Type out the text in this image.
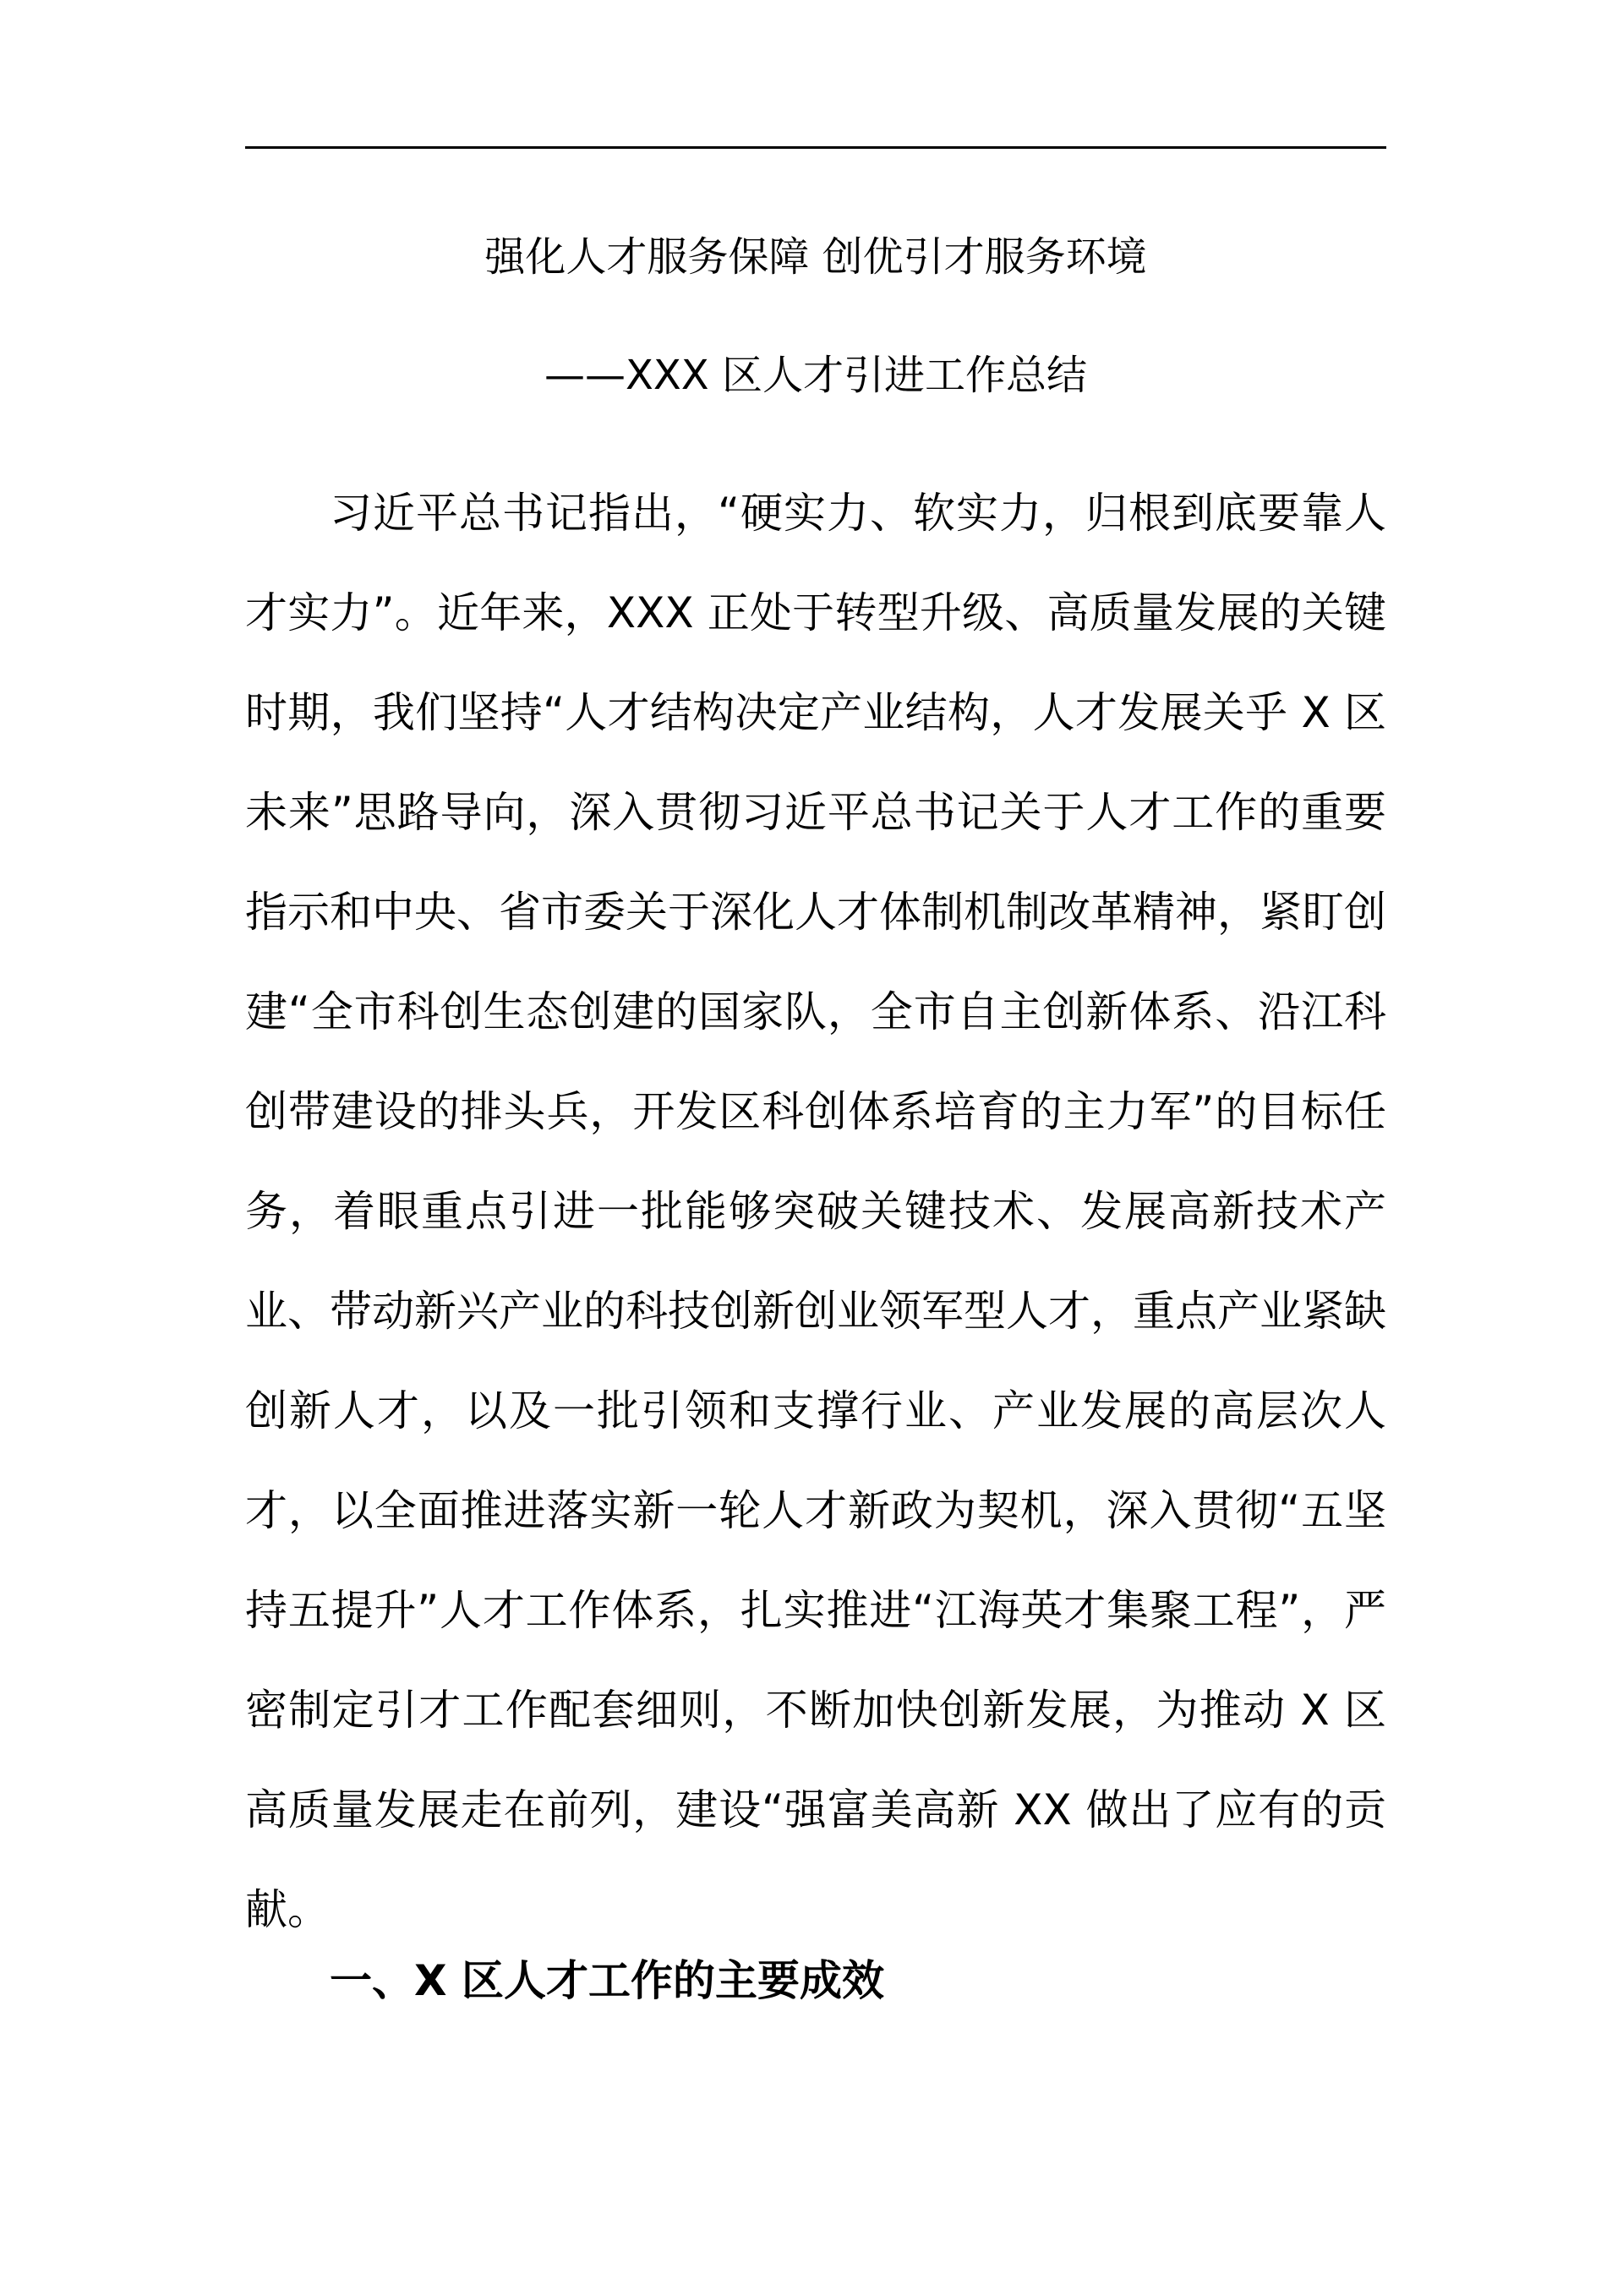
强化人才服务保障 创优引才服务环境
——XXX 区人才引进工作总结

习近平总书记指出，“硬实力、软实力，归根到底要靠人才实力”。近年来，XXX 正处于转型升级、高质量发展的关键时期，我们坚持“人才结构决定产业结构，人才发展关乎 X 区未来”思路导向，深入贯彻习近平总书记关于人才工作的重要指示和中央、省市委关于深化人才体制机制改革精神，紧盯创建“全市科创生态创建的国家队，全市自主创新体系、沿江科创带建设的排头兵，开发区科创体系培育的主力军”的目标任务，着眼重点引进一批能够突破关键技术、发展高新技术产业、带动新兴产业的科技创新创业领军型人才，重点产业紧缺创新人才，以及一批引领和支撑行业、产业发展的高层次人才，以全面推进落实新一轮人才新政为契机，深入贯彻“五坚持五提升”人才工作体系，扎实推进“江海英才集聚工程”，严密制定引才工作配套细则，不断加快创新发展，为推动 X 区高质量发展走在前列，建设“强富美高新 XX 做出了应有的贡献。

一、X 区人才工作的主要成效
